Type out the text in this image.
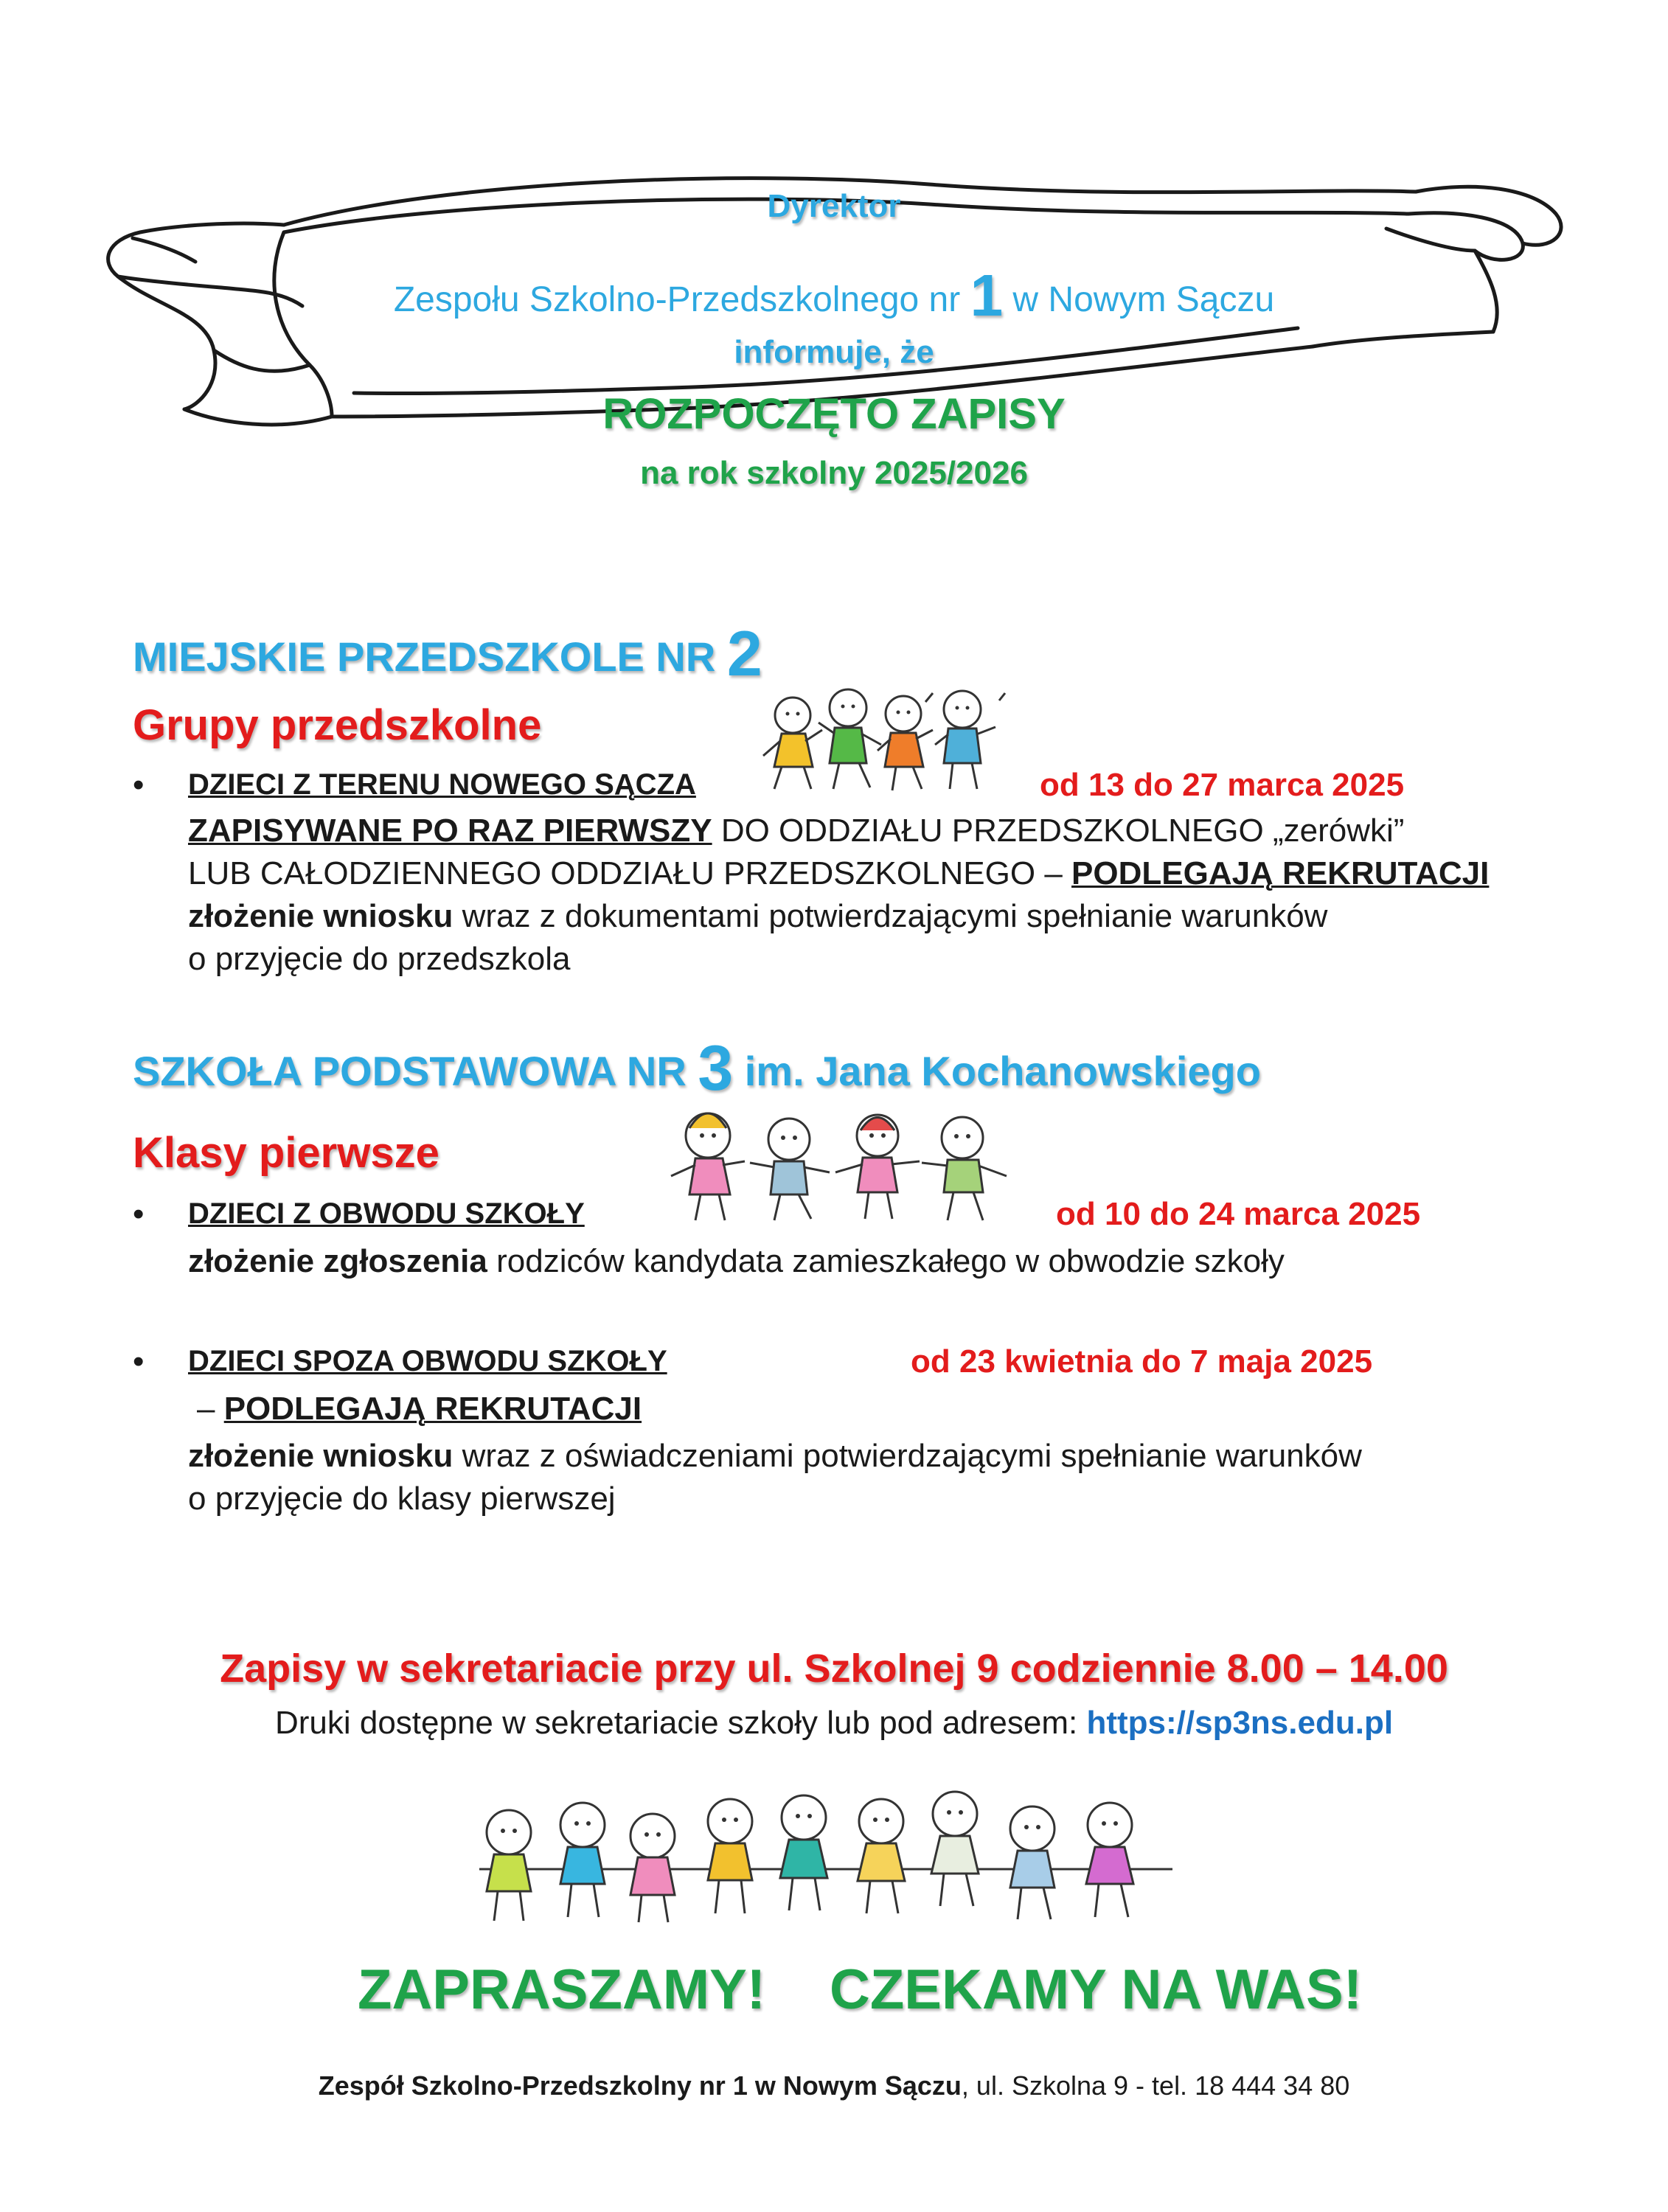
Dyrektor
Zespołu Szkolno-Przedszkolnego nr 1 w Nowym Sączu
informuje, że
ROZPOCZĘTO ZAPISY
na rok szkolny 2025/2026
MIEJSKIE PRZEDSZKOLE NR 2
Grupy przedszkolne
• DZIECI Z TERENU NOWEGO SĄCZA	od 13 do 27 marca 2025
ZAPISYWANE PO RAZ PIERWSZY DO ODDZIAŁU PRZEDSZKOLNEGO „zerówki”
LUB CAŁODZIENNEGO ODDZIAŁU PRZEDSZKOLNEGO – PODLEGAJĄ REKRUTACJI
złożenie wniosku wraz z dokumentami potwierdzającymi spełnianie warunków
o przyjęcie do przedszkola
SZKOŁA PODSTAWOWA NR 3 im. Jana Kochanowskiego
Klasy pierwsze
• DZIECI Z OBWODU SZKOŁY	od 10 do 24 marca 2025
złożenie zgłoszenia rodziców kandydata zamieszkałego w obwodzie szkoły
• DZIECI SPOZA OBWODU SZKOŁY	od 23 kwietnia do 7 maja 2025
– PODLEGAJĄ REKRUTACJI
złożenie wniosku wraz z oświadczeniami potwierdzającymi spełnianie warunków
o przyjęcie do klasy pierwszej
Zapisy w sekretariacie przy ul. Szkolnej 9 codziennie 8.00 – 14.00
Druki dostępne w sekretariacie szkoły lub pod adresem: https://sp3ns.edu.pl
ZAPRASZAMY! CZEKAMY NA WAS!
Zespół Szkolno-Przedszkolny nr 1 w Nowym Sączu, ul. Szkolna 9 - tel. 18 444 34 80
